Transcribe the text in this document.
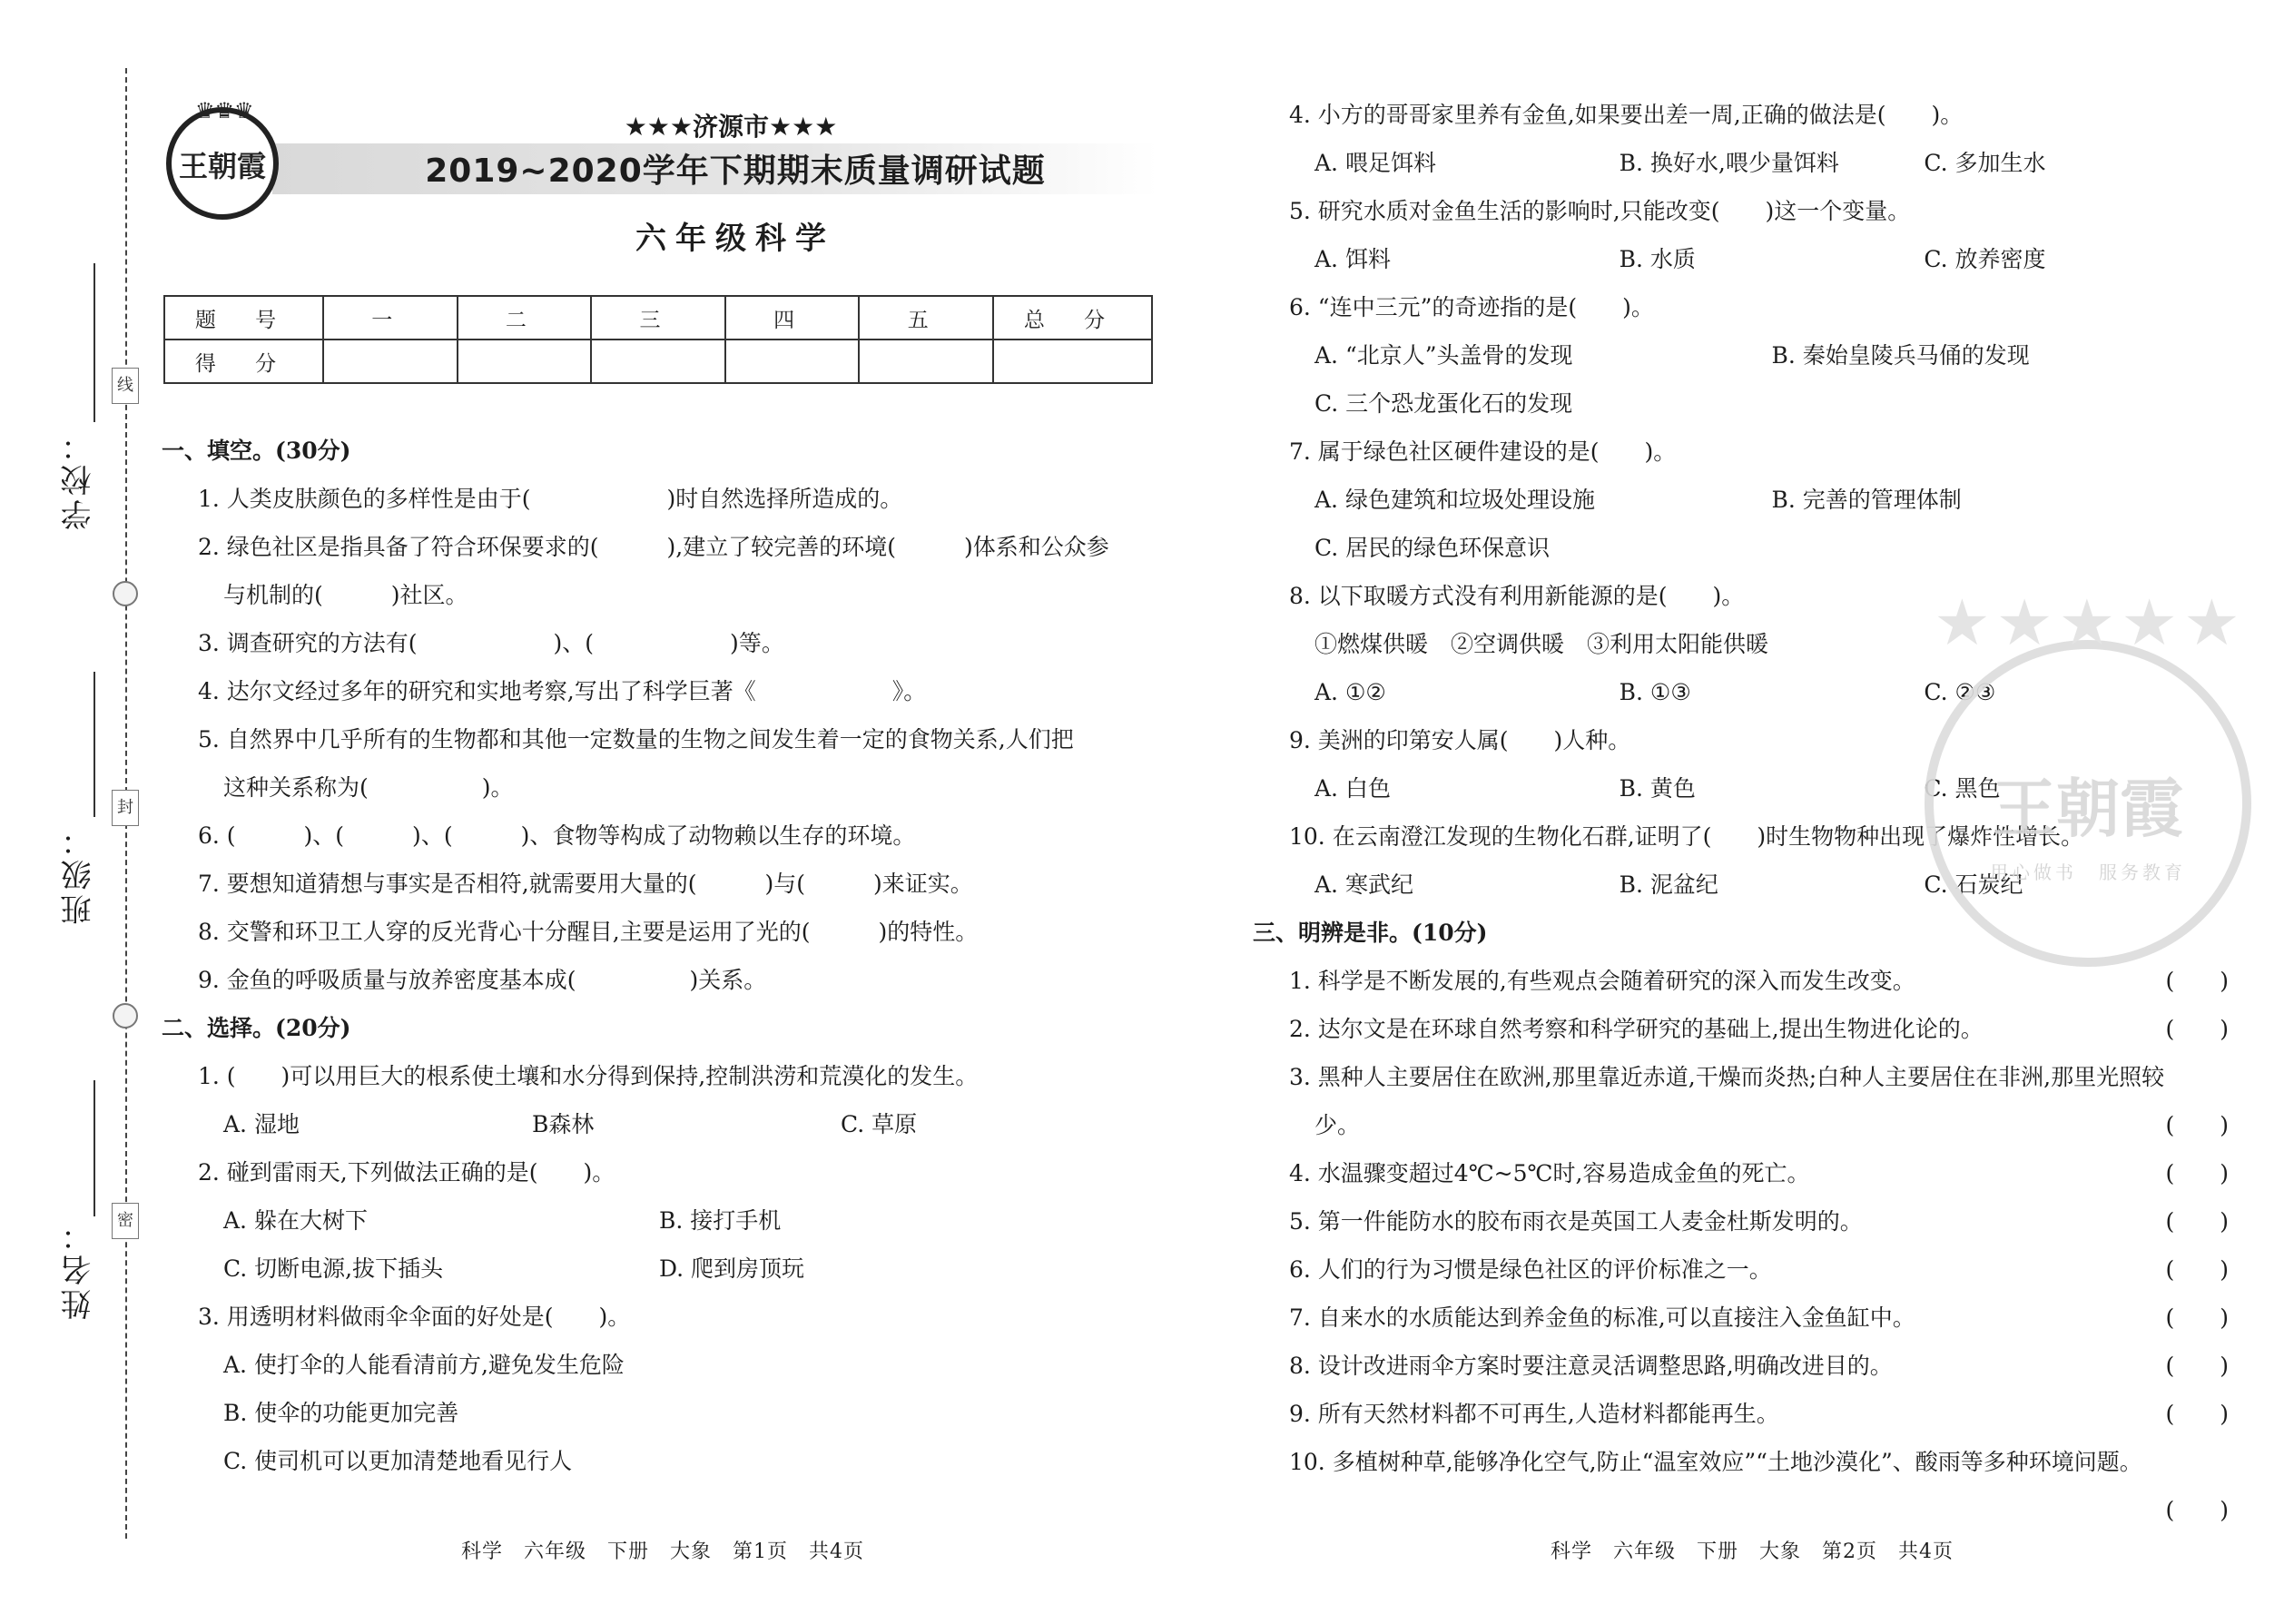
学校：
班级：
姓名：
线
封
密
♛♛♛
王朝霞
★★★济源市★★★
2019~2020学年下期期末质量调研试题
六年级科学
题 号	一	二	三	四	五	总 分
得 分						
一、填空。(30分)
1. 人类皮肤颜色的多样性是由于(　　　　　　)时自然选择所造成的。
2. 绿色社区是指具备了符合环保要求的(　　　),建立了较完善的环境(　　　)体系和公众参
与机制的(　　　)社区。
3. 调查研究的方法有(　　　　　　)、(　　　　　　)等。
4. 达尔文经过多年的研究和实地考察,写出了科学巨著《　　　　　　》。
5. 自然界中几乎所有的生物都和其他一定数量的生物之间发生着一定的食物关系,人们把
这种关系称为(　　　　　)。
6. (　　　)、(　　　)、(　　　)、食物等构成了动物赖以生存的环境。
7. 要想知道猜想与事实是否相符,就需要用大量的(　　　)与(　　　)来证实。
8. 交警和环卫工人穿的反光背心十分醒目,主要是运用了光的(　　　)的特性。
9. 金鱼的呼吸质量与放养密度基本成(　　　　　)关系。
二、选择。(20分)
1. (　　)可以用巨大的根系使土壤和水分得到保持,控制洪涝和荒漠化的发生。
A. 湿地	B森林	C. 草原
2. 碰到雷雨天,下列做法正确的是(　　)。
A. 躲在大树下	B. 接打手机
C. 切断电源,拔下插头	D. 爬到房顶玩
3. 用透明材料做雨伞伞面的好处是(　　)。
A. 使打伞的人能看清前方,避免发生危险
B. 使伞的功能更加完善
C. 使司机可以更加清楚地看见行人
4. 小方的哥哥家里养有金鱼,如果要出差一周,正确的做法是(　　)。
A. 喂足饵料	B. 换好水,喂少量饵料	C. 多加生水
5. 研究水质对金鱼生活的影响时,只能改变(　　)这一个变量。
A. 饵料	B. 水质	C. 放养密度
6. “连中三元”的奇迹指的是(　　)。
A. “北京人”头盖骨的发现	B. 秦始皇陵兵马俑的发现
C. 三个恐龙蛋化石的发现
7. 属于绿色社区硬件建设的是(　　)。
A. 绿色建筑和垃圾处理设施	B. 完善的管理体制
C. 居民的绿色环保意识
8. 以下取暖方式没有利用新能源的是(　　)。
①燃煤供暖　②空调供暖　③利用太阳能供暖
A. ①②	B. ①③	C. ②③
9. 美洲的印第安人属(　　)人种。
A. 白色	B. 黄色	C. 黑色
10. 在云南澄江发现的生物化石群,证明了(　　)时生物物种出现了爆炸性增长。
A. 寒武纪	B. 泥盆纪	C. 石炭纪
三、明辨是非。(10分)
1. 科学是不断发展的,有些观点会随着研究的深入而发生改变。	(　　)
2. 达尔文是在环球自然考察和科学研究的基础上,提出生物进化论的。	(　　)
3. 黑种人主要居住在欧洲,那里靠近赤道,干燥而炎热;白种人主要居住在非洲,那里光照较
少。	(　　)
4. 水温骤变超过4℃~5℃时,容易造成金鱼的死亡。	(　　)
5. 第一件能防水的胶布雨衣是英国工人麦金杜斯发明的。	(　　)
6. 人们的行为习惯是绿色社区的评价标准之一。	(　　)
7. 自来水的水质能达到养金鱼的标准,可以直接注入金鱼缸中。	(　　)
8. 设计改进雨伞方案时要注意灵活调整思路,明确改进目的。	(　　)
9. 所有天然材料都不可再生,人造材料都能再生。	(　　)
10. 多植树种草,能够净化空气,防止“温室效应”“土地沙漠化”、酸雨等多种环境问题。
(　　)
★★★★★
王朝霞
用心做书　服务教育
科学　六年级　下册　大象　第1页　共4页	科学　六年级　下册　大象　第2页　共4页
